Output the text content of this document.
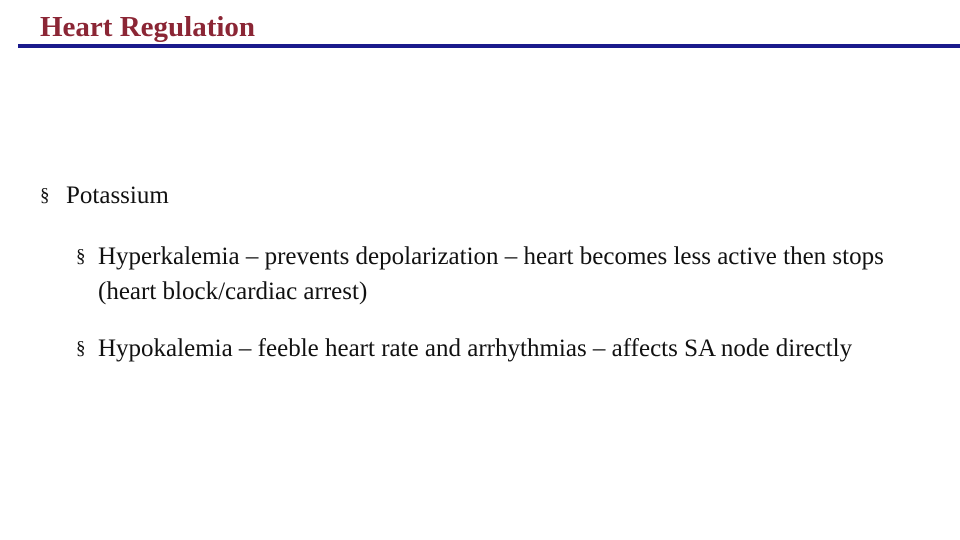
Heart Regulation
§ Potassium
§ Hyperkalemia – prevents depolarization – heart becomes less active then stops (heart block/cardiac arrest)
§ Hypokalemia – feeble heart rate and arrhythmias – affects SA node directly
